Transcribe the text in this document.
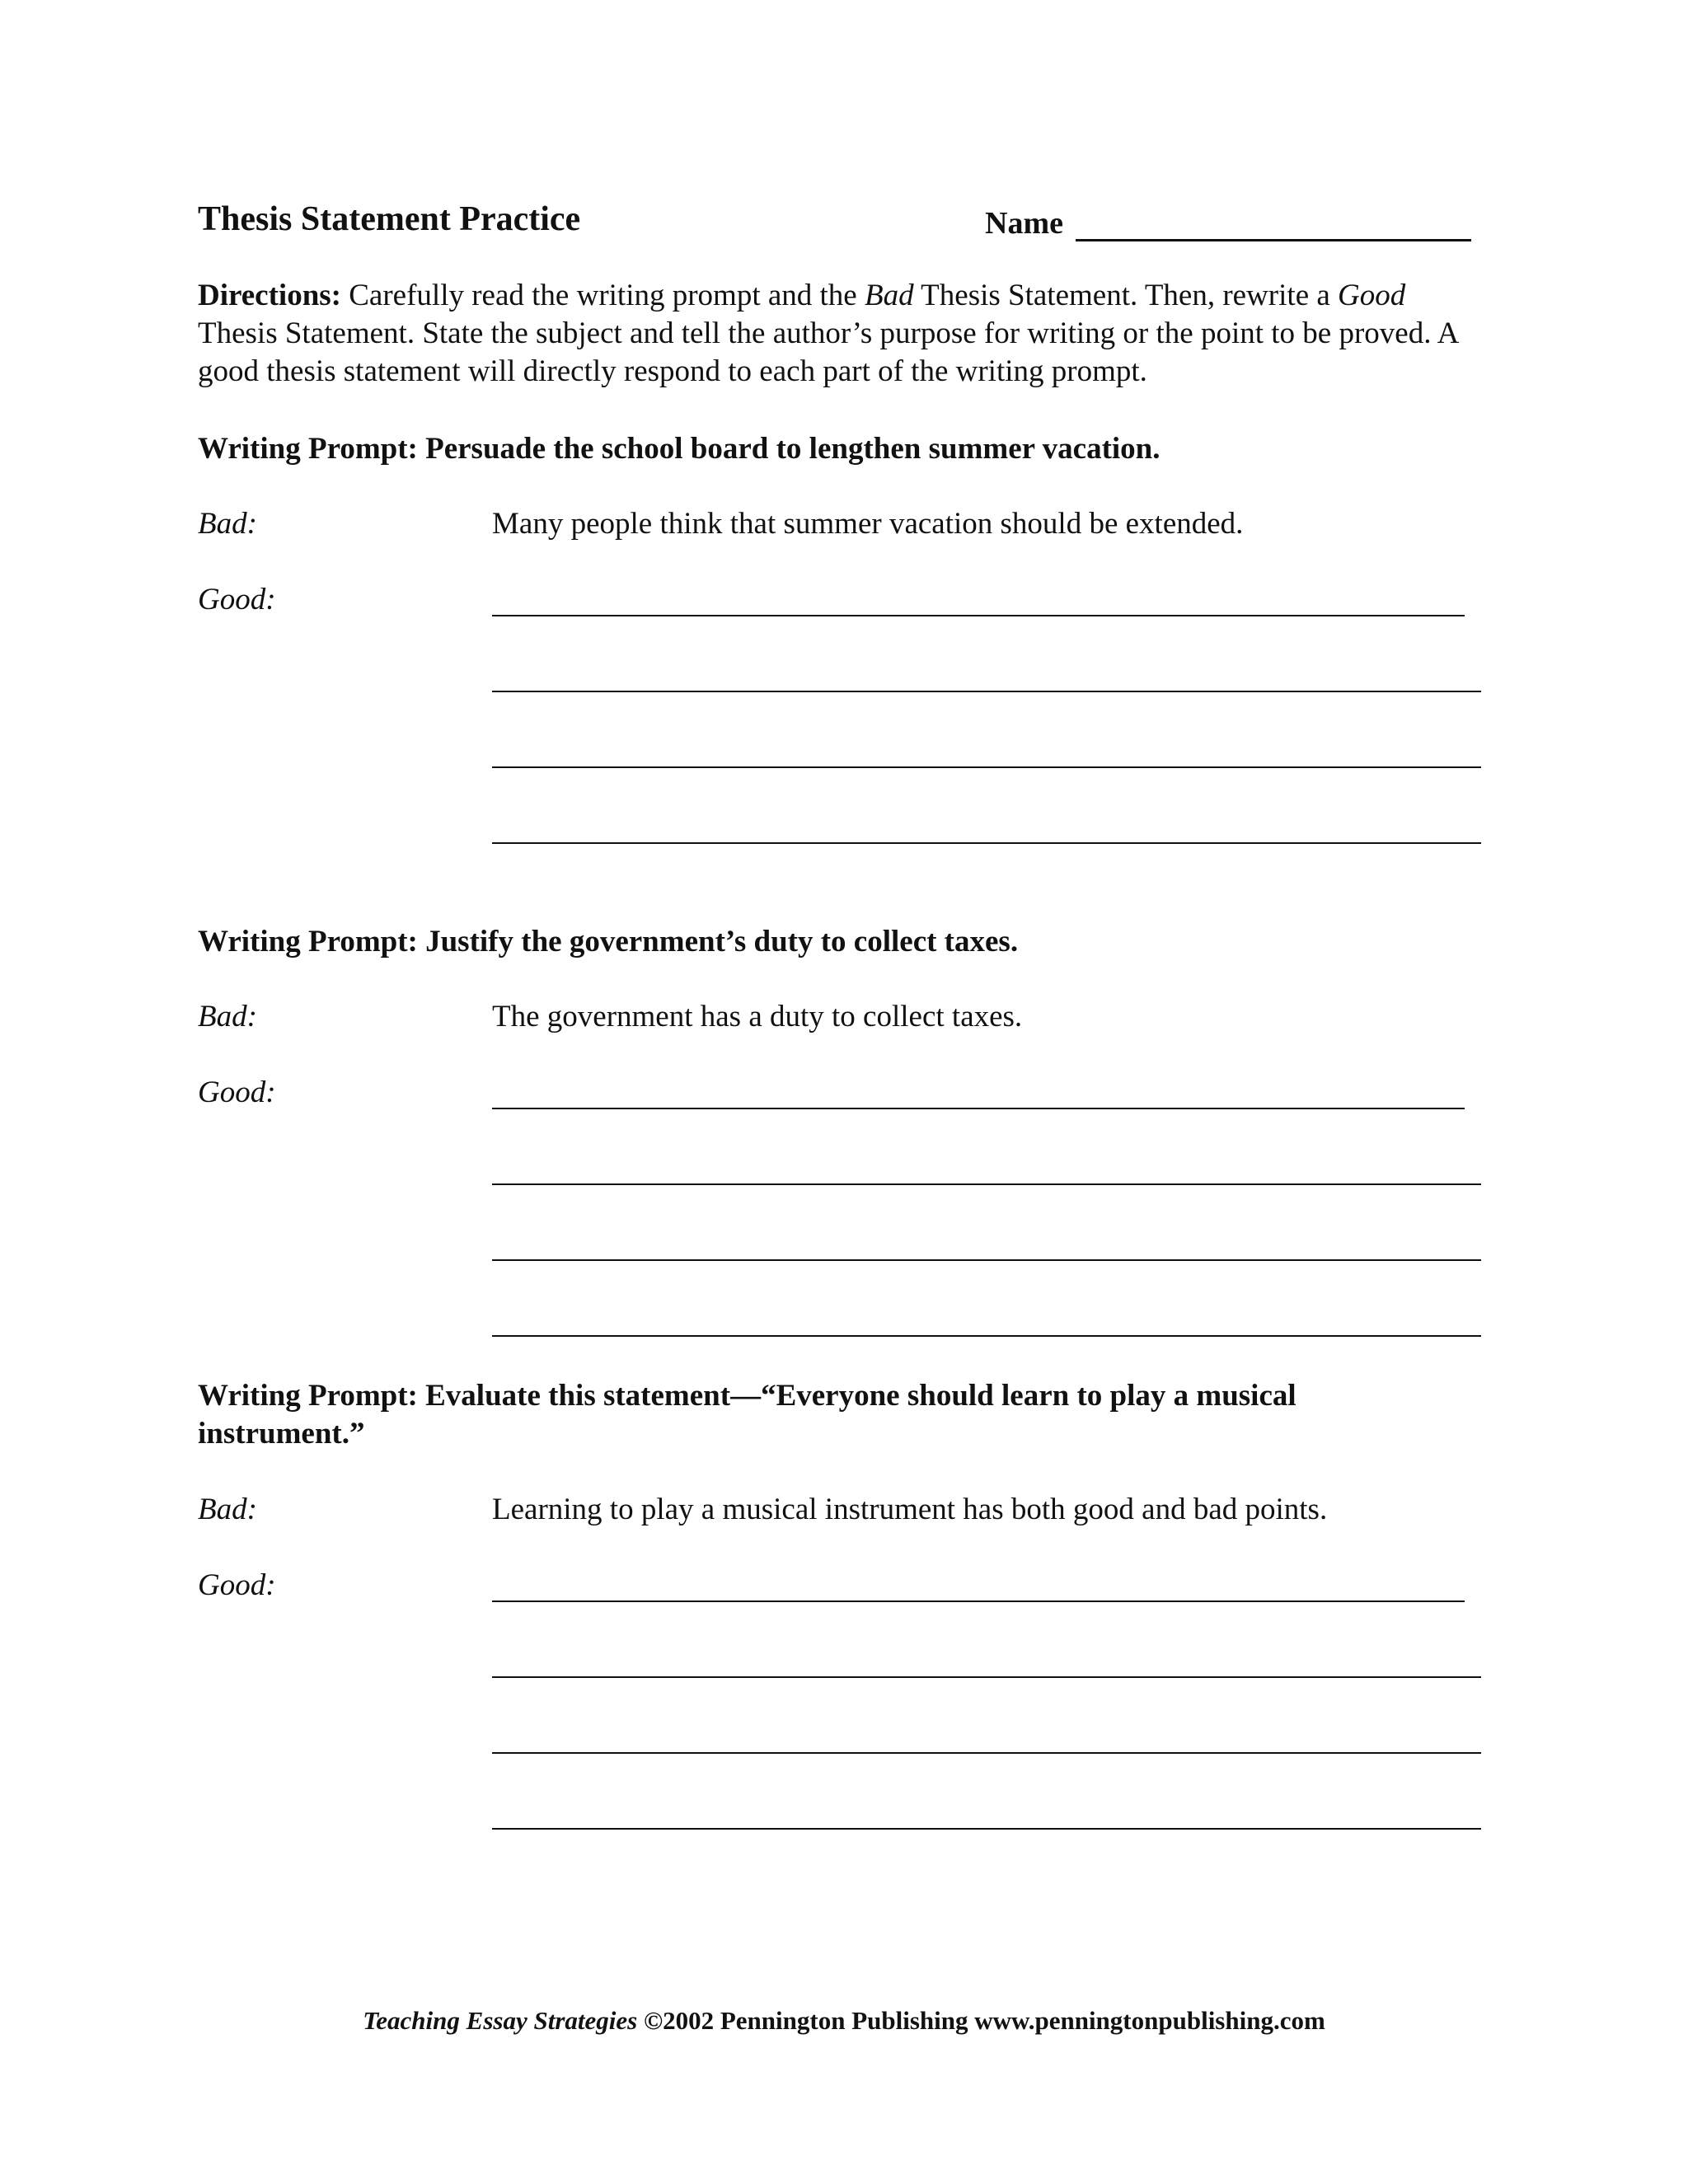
Thesis Statement Practice	Name
Directions: Carefully read the writing prompt and the Bad Thesis Statement. Then, rewrite a Good Thesis Statement. State the subject and tell the author’s purpose for writing or the point to be proved. A good thesis statement will directly respond to each part of the writing prompt.
Writing Prompt: Persuade the school board to lengthen summer vacation.
Bad:	Many people think that summer vacation should be extended.
Good:
Writing Prompt: Justify the government’s duty to collect taxes.
Bad:	The government has a duty to collect taxes.
Good:
Writing Prompt: Evaluate this statement—“Everyone should learn to play a musical instrument.”
Bad:	Learning to play a musical instrument has both good and bad points.
Good:
Teaching Essay Strategies ©2002 Pennington Publishing www.penningtonpublishing.com
